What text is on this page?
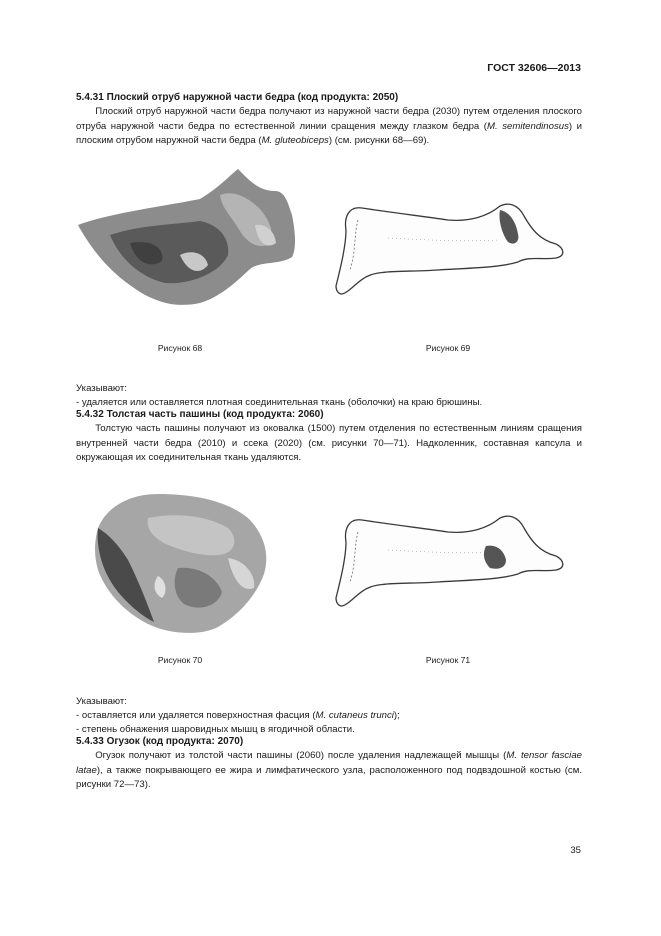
ГОСТ 32606—2013
5.4.31 Плоский отруб наружной части бедра (код продукта: 2050)

  Плоский отруб наружной части бедра получают из наружной части бедра (2030) путем отделения плоского отруба наружной части бедра по естественной линии сращения между глазком бедра (M. semitendinosus) и плоским отрубом наружной части бедра (M. gluteobiceps) (см. рисунки 68—69).

Рисунок 68	Рисунок 69
Указывают:
- удаляется или оставляется плотная соединительная ткань (оболочки) на краю брюшины.
5.4.32 Толстая часть пашины (код продукта: 2060)

  Толстую часть пашины получают из оковалка (1500) путем отделения по естественным линиям сращения внутренней части бедра (2010) и ссека (2020) (см. рисунки 70—71). Надколенник, составная капсула и окружающая их соединительная ткань удаляются.

Рисунок 70	Рисунок 71
Указывают:
- оставляется или удаляется поверхностная фасция (M. cutaneus trunci);
- степень обнажения шаровидных мышц в ягодичной области.
5.4.33 Огузок (код продукта: 2070)

  Огузок получают из толстой части пашины (2060) после удаления надлежащей мышцы (M. tensor fasciae latae), а также покрывающего ее жира и лимфатического узла, расположенного под подвздошной костью (см. рисунки 72—73).

35
